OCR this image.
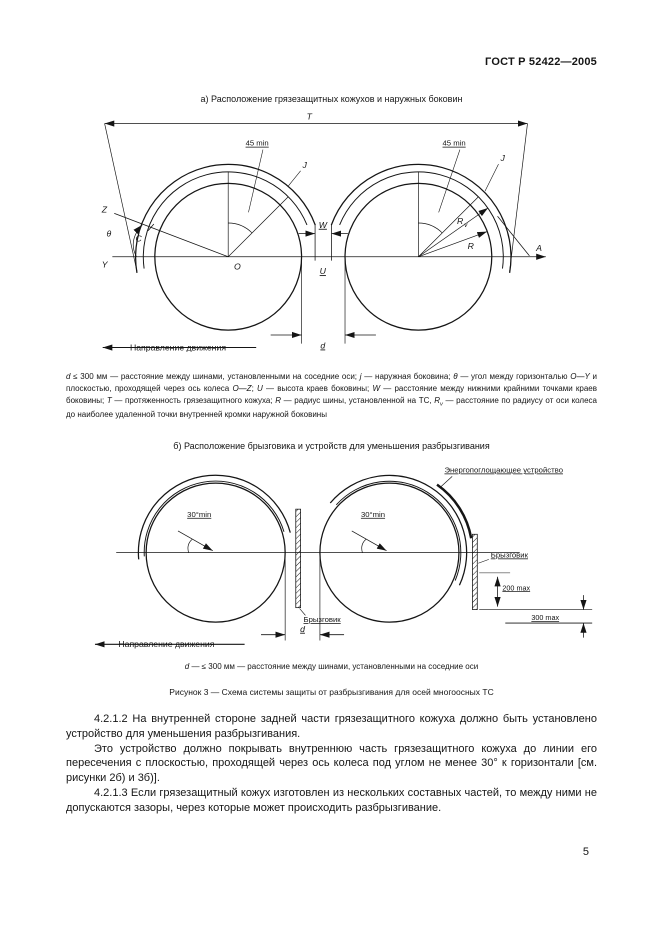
ГОСТ Р 52422—2005
а) Расположение грязезащитных кожухов и наружных боковин
T
45 min	45 min
J
J
Z
θ	C
Y	O
W
U
R v
R	A
d
Направление движения
d ≤ 300 мм — расстояние между шинами, установленными на соседние оси; j — наружная боковина; θ — угол между горизонталью O—Y и плоскостью, проходящей через ось колеса O—Z; U — высота краев боковины; W — расстояние между нижними крайними точками краев боковины; T — протяженность грязезащитного кожуха; R — радиус шины, установленной на ТС, $R_v$ — расстояние по радиусу от оси колеса до наиболее удаленной точки внутренней кромки наружной боковины
б) Расположение брызговика и устройств для уменьшения разбрызгивания
Энергопоглощающее устройство
30°min	30°min
Брызговик
Брызговик
200 max
300 max
d
Направление движения
d — ≤ 300 мм — расстояние между шинами, установленными на соседние оси
Рисунок 3 — Схема системы защиты от разбрызгивания для осей многоосных ТС

4.2.1.2 На внутренней стороне задней части грязезащитного кожуха должно быть установлено устройство для уменьшения разбрызгивания.

Это устройство должно покрывать внутреннюю часть грязезащитного кожуха до линии его пересечения с плоскостью, проходящей через ось колеса под углом не менее 30° к горизонтали [см. рисунки 2б) и 3б)].

4.2.1.3 Если грязезащитный кожух изготовлен из нескольких составных частей, то между ними не допускаются зазоры, через которые может происходить разбрызгивание.

5
